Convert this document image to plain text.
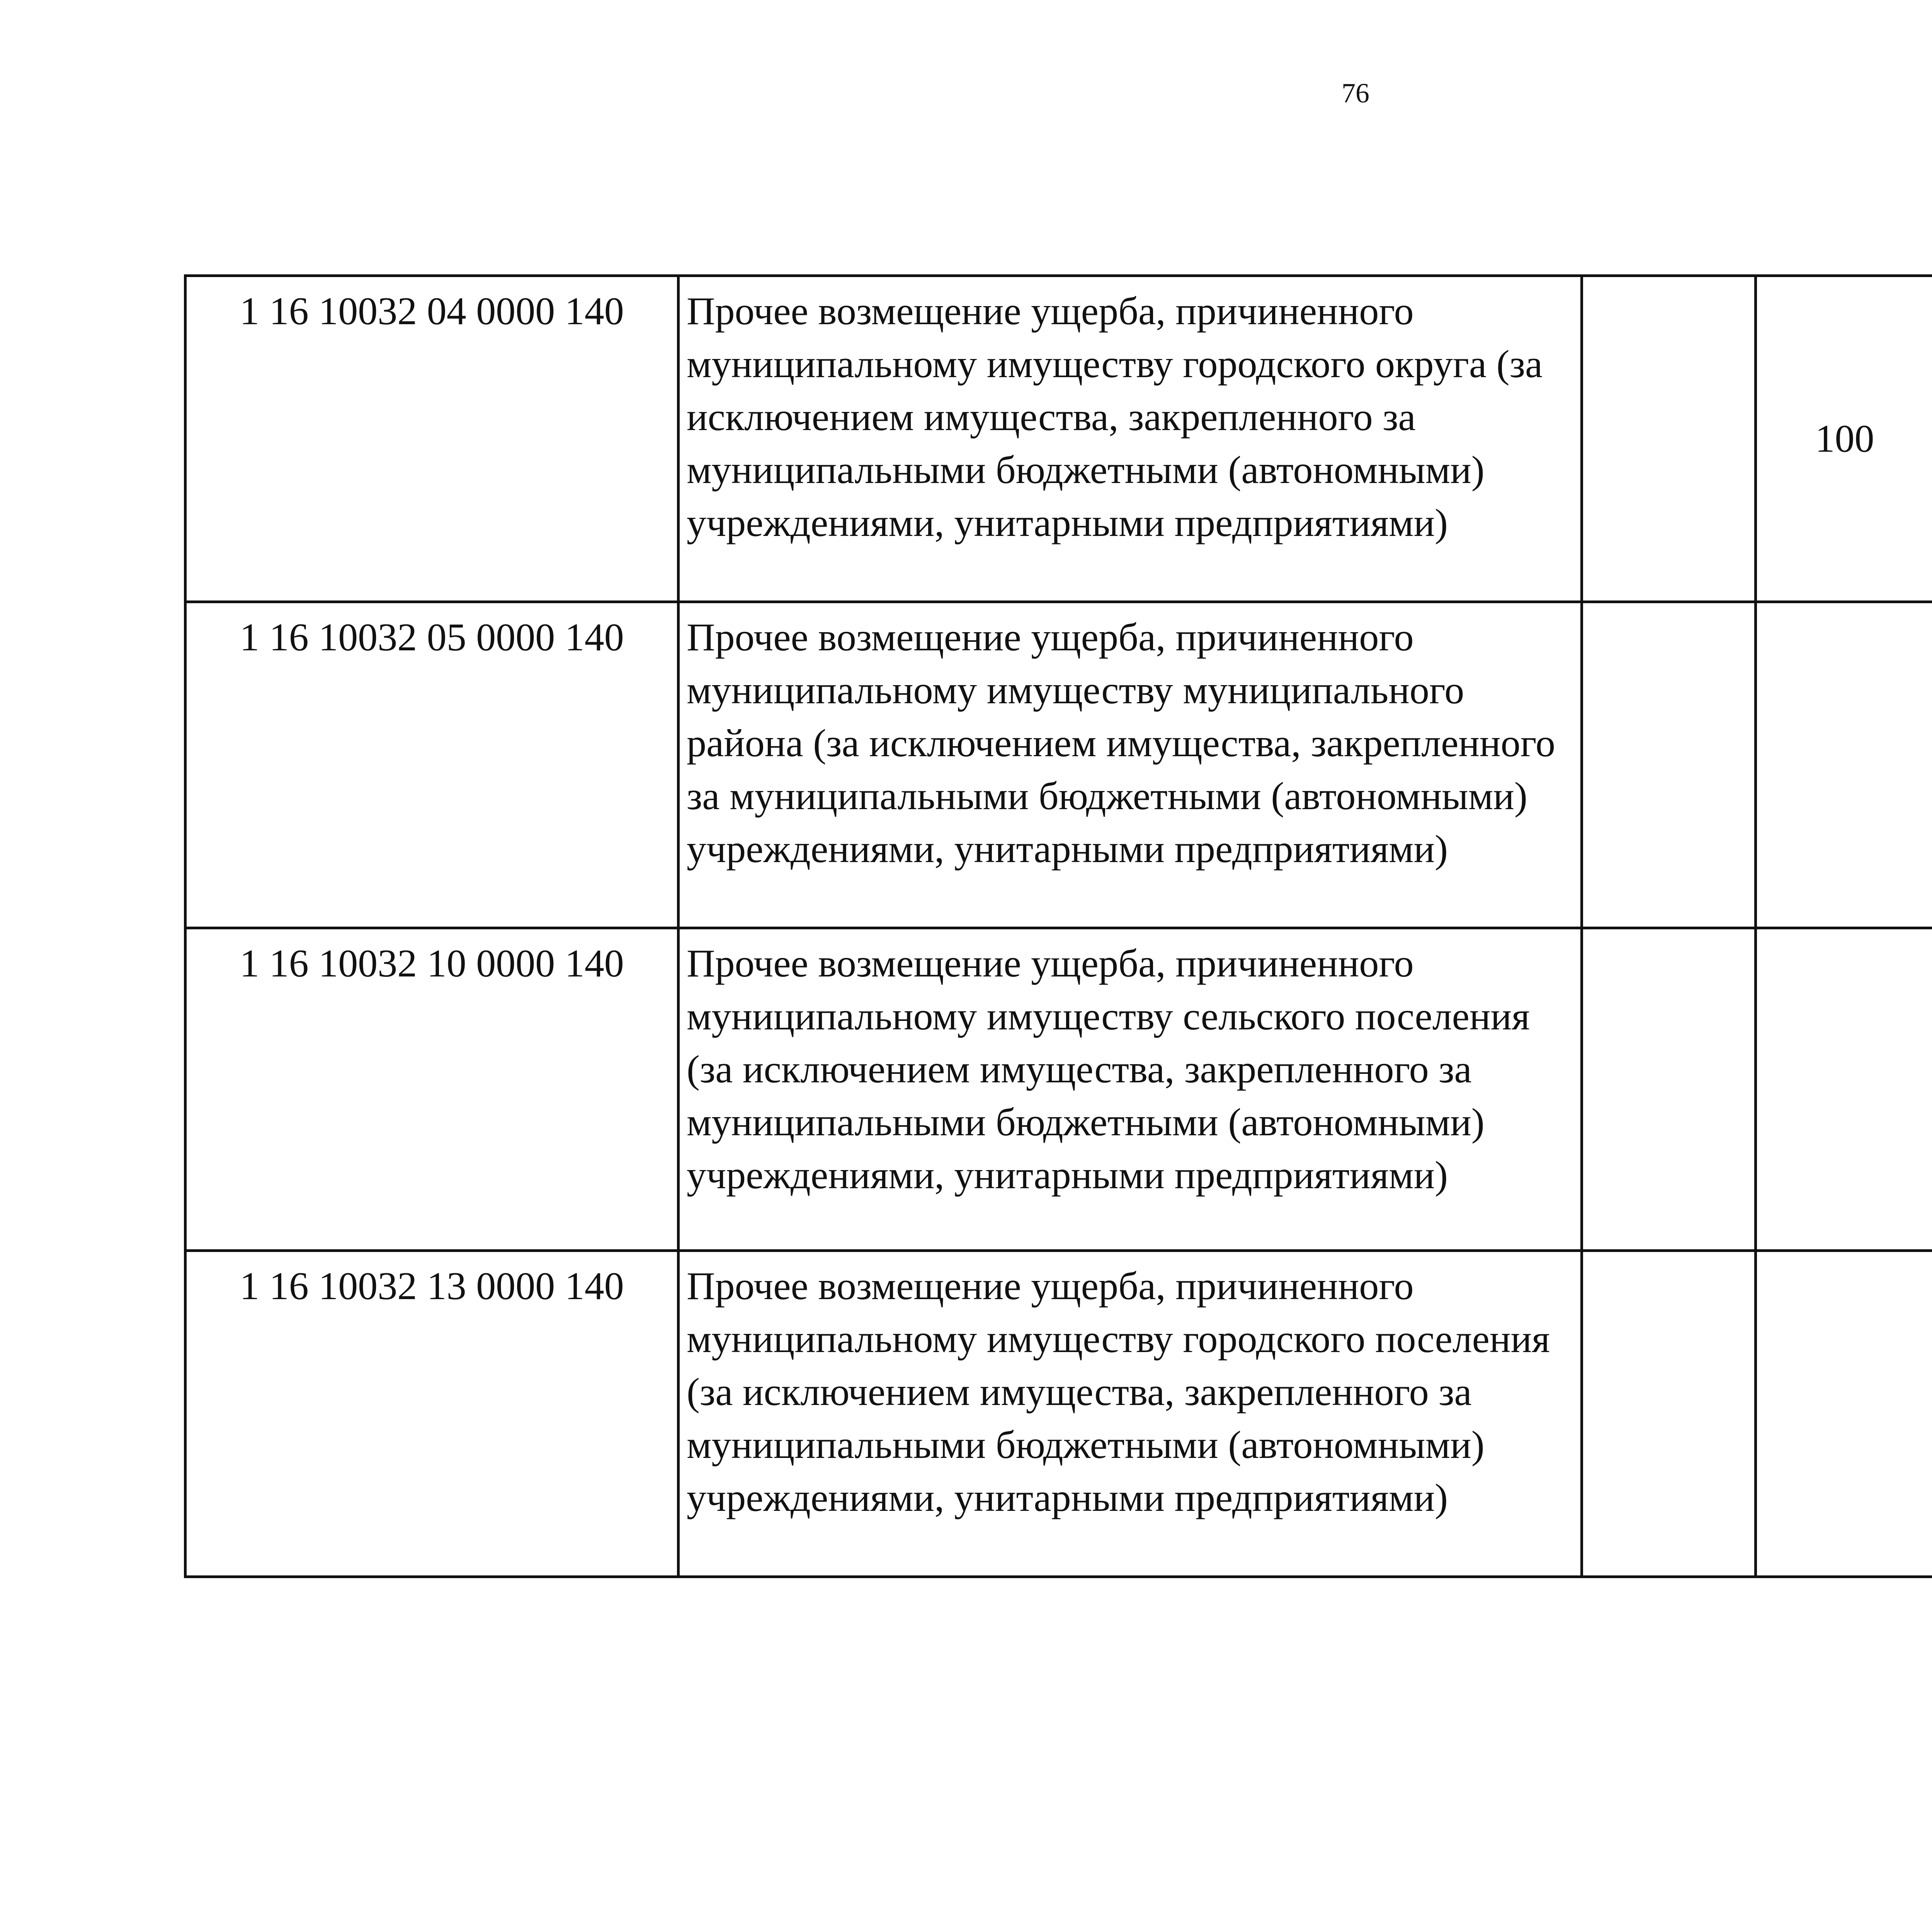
76
1 16 10032 04 0000 140	Прочее возмещение ущерба, причиненного муниципальному имуществу городского округа (за исключением имущества, закрепленного за муниципальными бюджетными (автономными) учреждениями, унитарными предприятиями)		100			
1 16 10032 05 0000 140	Прочее возмещение ущерба, причиненного муниципальному имуществу муниципального района (за исключением имущества, закрепленного за муниципальными бюджетными (автономными) учреждениями, унитарными предприятиями)					
1 16 10032 10 0000 140	Прочее возмещение ущерба, причиненного муниципальному имуществу сельского поселения (за исключением имущества, закрепленного за муниципальными бюджетными (автономными) учреждениями, унитарными предприятиями)					
1 16 10032 13 0000 140	Прочее возмещение ущерба, причиненного муниципальному имуществу городского поселения (за исключением имущества, закрепленного за муниципальными бюджетными (автономными) учреждениями, унитарными предприятиями)					
